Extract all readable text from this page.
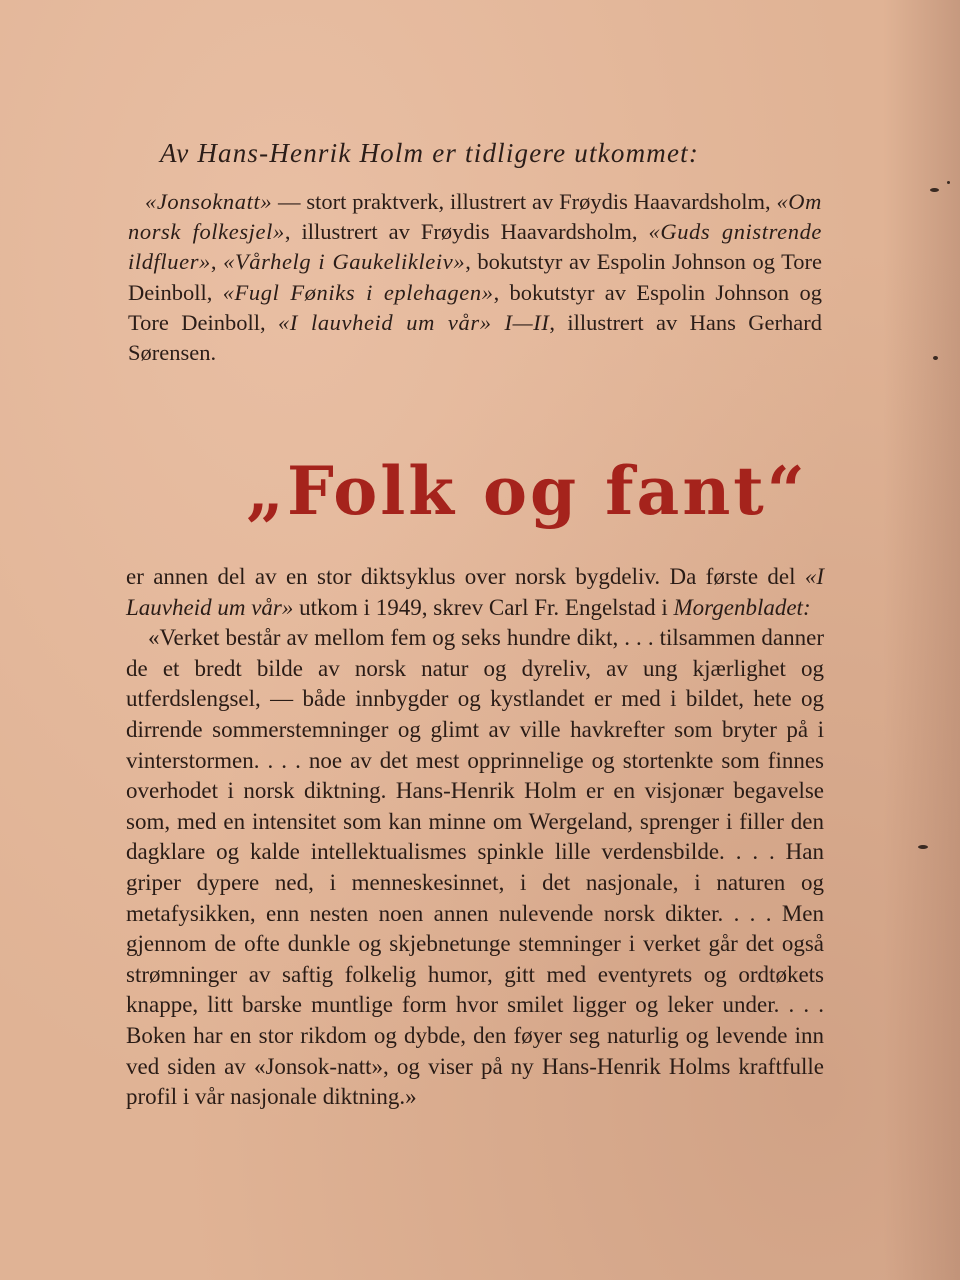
Av Hans-Henrik Holm er tidligere utkommet:

«Jonsoknatt» — stort praktverk, illustrert av Frøydis Haavardsholm, «Om norsk folkesjel», illustrert av Frøydis Haavardsholm, «Guds gnistrende ildfluer», «Vårhelg i Gaukelikleiv», bokutstyr av Espolin Johnson og Tore Deinboll, «Fugl Føniks i eplehagen», bokutstyr av Espolin Johnson og Tore Deinboll, «I lauvheid um vår» I—II, illustrert av Hans Gerhard Sørensen.

„Folk og fant“

er annen del av en stor diktsyklus over norsk bygdeliv. Da første del «I Lauvheid um vår» utkom i 1949, skrev Carl Fr. Engelstad i Morgenbladet:

«Verket består av mellom fem og seks hundre dikt, . . . tilsammen danner de et bredt bilde av norsk natur og dyreliv, av ung kjærlighet og utferdslengsel, — både innbygder og kystlandet er med i bildet, hete og dirrende sommerstemninger og glimt av ville havkrefter som bryter på i vinterstormen. . . . noe av det mest opprinnelige og stortenkte som finnes overhodet i norsk diktning. Hans-Henrik Holm er en visjonær begavelse som, med en intensitet som kan minne om Wergeland, sprenger i filler den dagklare og kalde intellektualismes spinkle lille verdensbilde. . . . Han griper dypere ned, i menneskesinnet, i det nasjonale, i naturen og metafysikken, enn nesten noen annen nulevende norsk dikter. . . . Men gjennom de ofte dunkle og skjebnetunge stemninger i verket går det også strømninger av saftig folkelig humor, gitt med eventyrets og ordtøkets knappe, litt barske muntlige form hvor smilet ligger og leker under. . . . Boken har en stor rikdom og dybde, den føyer seg naturlig og levende inn ved siden av «Jonsok-natt», og viser på ny Hans-Henrik Holms kraftfulle profil i vår nasjonale diktning.»
